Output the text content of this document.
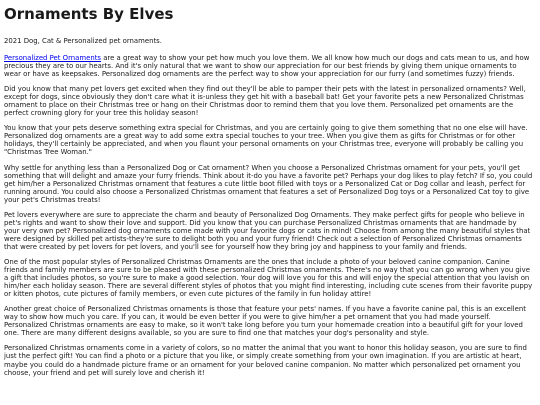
Ornaments By Elves

2021 Dog, Cat & Personalized pet ornaments.

Personalized Pet Ornaments are a great way to show your pet how much you love them. We all know how much our dogs and cats mean to us, and how precious they are to our hearts. And it's only natural that we want to show our appreciation for our best friends by giving them unique ornaments to wear or have as keepsakes. Personalized dog ornaments are the perfect way to show your appreciation for our furry (and sometimes fuzzy) friends.

Did you know that many pet lovers get excited when they find out they'll be able to pamper their pets with the latest in personalized ornaments? Well, except for dogs, since obviously they don't care what it is-unless they get hit with a baseball bat! Get your favorite pets a new Personalized Christmas ornament to place on their Christmas tree or hang on their Christmas door to remind them that you love them. Personalized pet ornaments are the perfect crowning glory for your tree this holiday season!

You know that your pets deserve something extra special for Christmas, and you are certainly going to give them something that no one else will have. Personalized dog ornaments are a great way to add some extra special touches to your tree. When you give them as gifts for Christmas or for other holidays, they'll certainly be appreciated, and when you flaunt your personal ornaments on your Christmas tree, everyone will probably be calling you "Christmas Tree Woman."

Why settle for anything less than a Personalized Dog or Cat ornament? When you choose a Personalized Christmas ornament for your pets, you'll get something that will delight and amaze your furry friends. Think about it-do you have a favorite pet? Perhaps your dog likes to play fetch? If so, you could get him/her a Personalized Christmas ornament that features a cute little boot filled with toys or a Personalized Cat or Dog collar and leash, perfect for running around. You could also choose a Personalized Christmas ornament that features a set of Personalized Dog toys or a Personalized Cat toy to give your pet's Christmas treats!

Pet lovers everywhere are sure to appreciate the charm and beauty of Personalized Dog Ornaments. They make perfect gifts for people who believe in pet's rights and want to show their love and support. Did you know that you can purchase Personalized Christmas ornaments that are handmade by your very own pet? Personalized dog ornaments come made with your favorite dogs or cats in mind! Choose from among the many beautiful styles that were designed by skilled pet artists-they're sure to delight both you and your furry friend! Check out a selection of Personalized Christmas ornaments that were created by pet lovers for pet lovers, and you'll see for yourself how they bring joy and happiness to your family and friends.

One of the most popular styles of Personalized Christmas Ornaments are the ones that include a photo of your beloved canine companion. Canine friends and family members are sure to be pleased with these personalized Christmas ornaments. There's no way that you can go wrong when you give a gift that includes photos, so you're sure to make a good selection. Your dog will love you for this and will enjoy the special attention that you lavish on him/her each holiday season. There are several different styles of photos that you might find interesting, including cute scenes from their favorite puppy or kitten photos, cute pictures of family members, or even cute pictures of the family in fun holiday attire!

Another great choice of Personalized Christmas ornaments is those that feature your pets' names. If you have a favorite canine pal, this is an excellent way to show how much you care. If you can, it would be even better if you were to give him/her a pet ornament that you had made yourself. Personalized Christmas ornaments are easy to make, so it won't take long before you turn your homemade creation into a beautiful gift for your loved one. There are many different designs available, so you are sure to find one that matches your dog's personality and style.

Personalized Christmas ornaments come in a variety of colors, so no matter the animal that you want to honor this holiday season, you are sure to find just the perfect gift! You can find a photo or a picture that you like, or simply create something from your own imagination. If you are artistic at heart, maybe you could do a handmade picture frame or an ornament for your beloved canine companion. No matter which personalized pet ornament you choose, your friend and pet will surely love and cherish it!
